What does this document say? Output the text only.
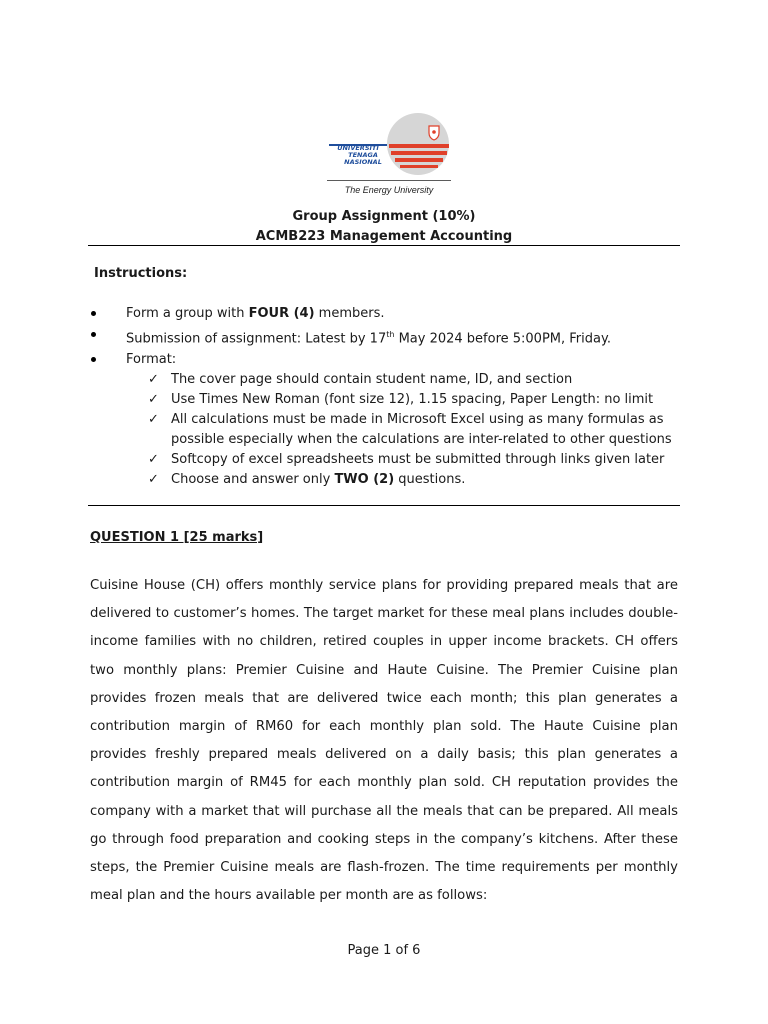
UNIVERSITI
TENAGA
NASIONAL
The Energy University
Group Assignment (10%)
ACMB223 Management Accounting
Instructions:
Form a group with FOUR (4) members.
Submission of assignment: Latest by 17th May 2024 before 5:00PM, Friday.
Format:
✓ The cover page should contain student name, ID, and section
✓ Use Times New Roman (font size 12), 1.15 spacing, Paper Length: no limit
✓ All calculations must be made in Microsoft Excel using as many formulas as possible especially when the calculations are inter-related to other questions
✓ Softcopy of excel spreadsheets must be submitted through links given later
✓ Choose and answer only TWO (2) questions.
QUESTION 1 [25 marks]

Cuisine House (CH) offers monthly service plans for providing prepared meals that are delivered to customer’s homes. The target market for these meal plans includes double-income families with no children, retired couples in upper income brackets. CH offers two monthly plans: Premier Cuisine and Haute Cuisine. The Premier Cuisine plan provides frozen meals that are delivered twice each month; this plan generates a contribution margin of RM60 for each monthly plan sold. The Haute Cuisine plan provides freshly prepared meals delivered on a daily basis; this plan generates a contribution margin of RM45 for each monthly plan sold. CH reputation provides the company with a market that will purchase all the meals that can be prepared. All meals go through food preparation and cooking steps in the company’s kitchens. After these steps, the Premier Cuisine meals are flash-frozen. The time requirements per monthly meal plan and the hours available per month are as follows:

Page 1 of 6
